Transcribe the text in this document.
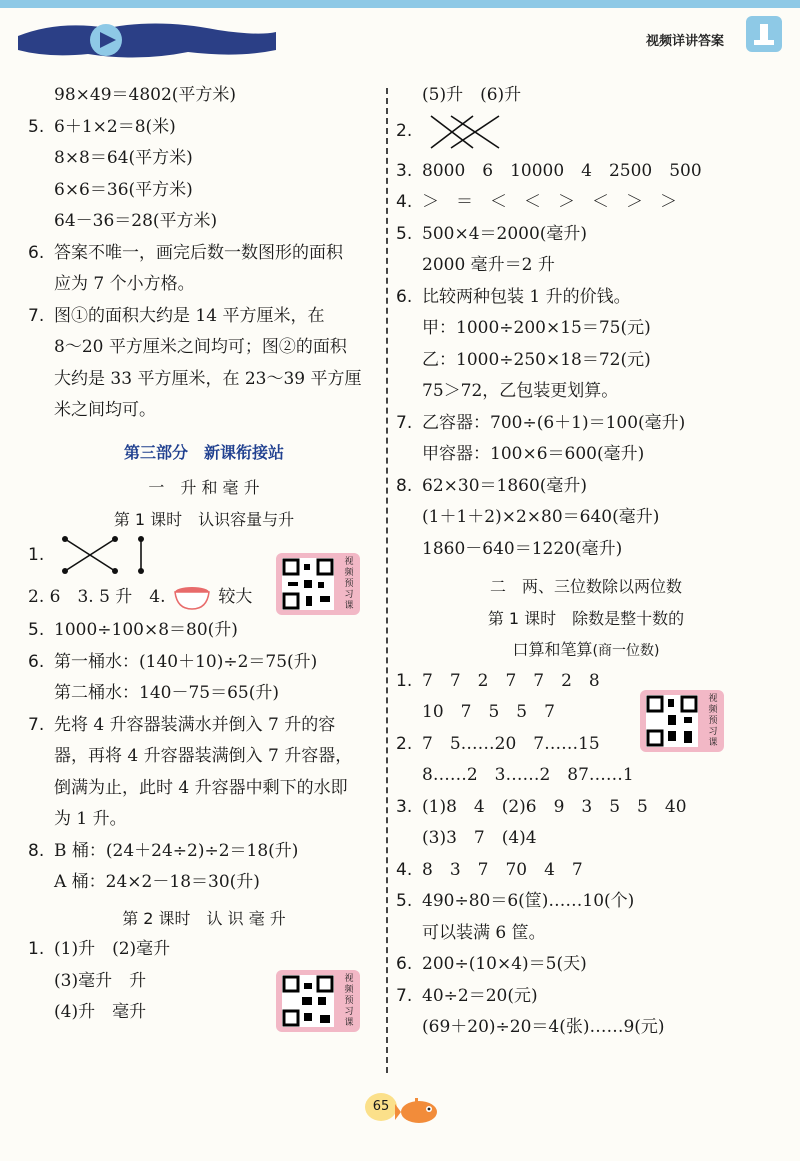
视频详讲答案
98×49＝4802(平方米)
5. 6＋1×2＝8(米)
8×8＝64(平方米)
6×6＝36(平方米)
64－36＝28(平方米)
6. 答案不唯一，画完后数一数图形的面积
应为 7 个小方格。
7. 图①的面积大约是 14 平方厘米，在
8～20 平方厘米之间均可；图②的面积
大约是 33 平方厘米，在 23～39 平方厘
米之间均可。
第三部分　新课衔接站
一　升 和 毫 升
第 1 课时　认识容量与升
1.
2. 6　3. 5 升　4.	较大
5. 1000÷100×8＝80(升)
6. 第一桶水：(140＋10)÷2＝75(升)
第二桶水：140－75＝65(升)
7. 先将 4 升容器装满水并倒入 7 升的容
器，再将 4 升容器装满倒入 7 升容器，
倒满为止，此时 4 升容器中剩下的水即
为 1 升。
8. B 桶：(24＋24÷2)÷2＝18(升)
A 桶：24×2－18＝30(升)
第 2 课时　认 识 毫 升
1. (1)升　(2)毫升
(3)毫升　升
(4)升　毫升
视频预习课
视频预习课
视频预习课
(5)升　(6)升
2.
3. 8000　6　10000　4　2500　500
4. ＞　＝　＜　＜　＞　＜　＞　＞
5. 500×4＝2000(毫升)
2000 毫升＝2 升
6. 比较两种包装 1 升的价钱。
甲：1000÷200×15＝75(元)
乙：1000÷250×18＝72(元)
75＞72，乙包装更划算。
7. 乙容器：700÷(6＋1)＝100(毫升)
甲容器：100×6＝600(毫升)
8. 62×30＝1860(毫升)
(1＋1＋2)×2×80＝640(毫升)
1860－640＝1220(毫升)
二　两、三位数除以两位数
第 1 课时　除数是整十数的
口算和笔算(商一位数)
1. 7　7　2　7　7　2　8
10　7　5　5　7
2. 7　5……20　7……15
8……2　3……2　87……1
3. (1)8　4　(2)6　9　3　5　5　40
(3)3　7　(4)4
4. 8　3　7　70　4　7
5. 490÷80＝6(筐)……10(个)
可以装满 6 筐。
6. 200÷(10×4)＝5(天)
7. 40÷2＝20(元)
(69＋20)÷20＝4(张)……9(元)
65
